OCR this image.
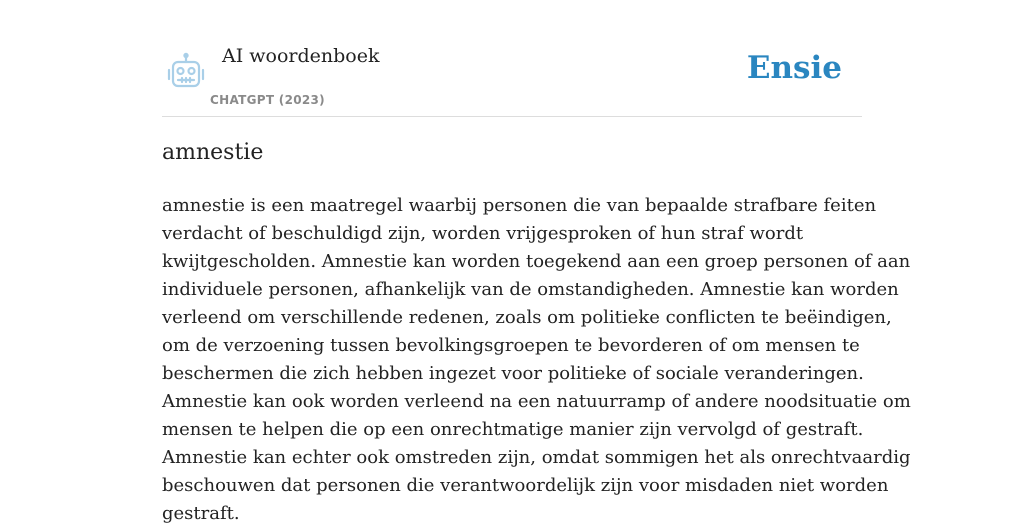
AI woordenboek
CHATGPT (2023)
Ensie
amnestie

amnestie is een maatregel waarbij personen die van bepaalde strafbare feiten
verdacht of beschuldigd zijn, worden vrijgesproken of hun straf wordt
kwijtgescholden. Amnestie kan worden toegekend aan een groep personen of aan
individuele personen, afhankelijk van de omstandigheden. Amnestie kan worden
verleend om verschillende redenen, zoals om politieke conflicten te beëindigen,
om de verzoening tussen bevolkingsgroepen te bevorderen of om mensen te
beschermen die zich hebben ingezet voor politieke of sociale veranderingen.
Amnestie kan ook worden verleend na een natuurramp of andere noodsituatie om
mensen te helpen die op een onrechtmatige manier zijn vervolgd of gestraft.
Amnestie kan echter ook omstreden zijn, omdat sommigen het als onrechtvaardig
beschouwen dat personen die verantwoordelijk zijn voor misdaden niet worden
gestraft.
